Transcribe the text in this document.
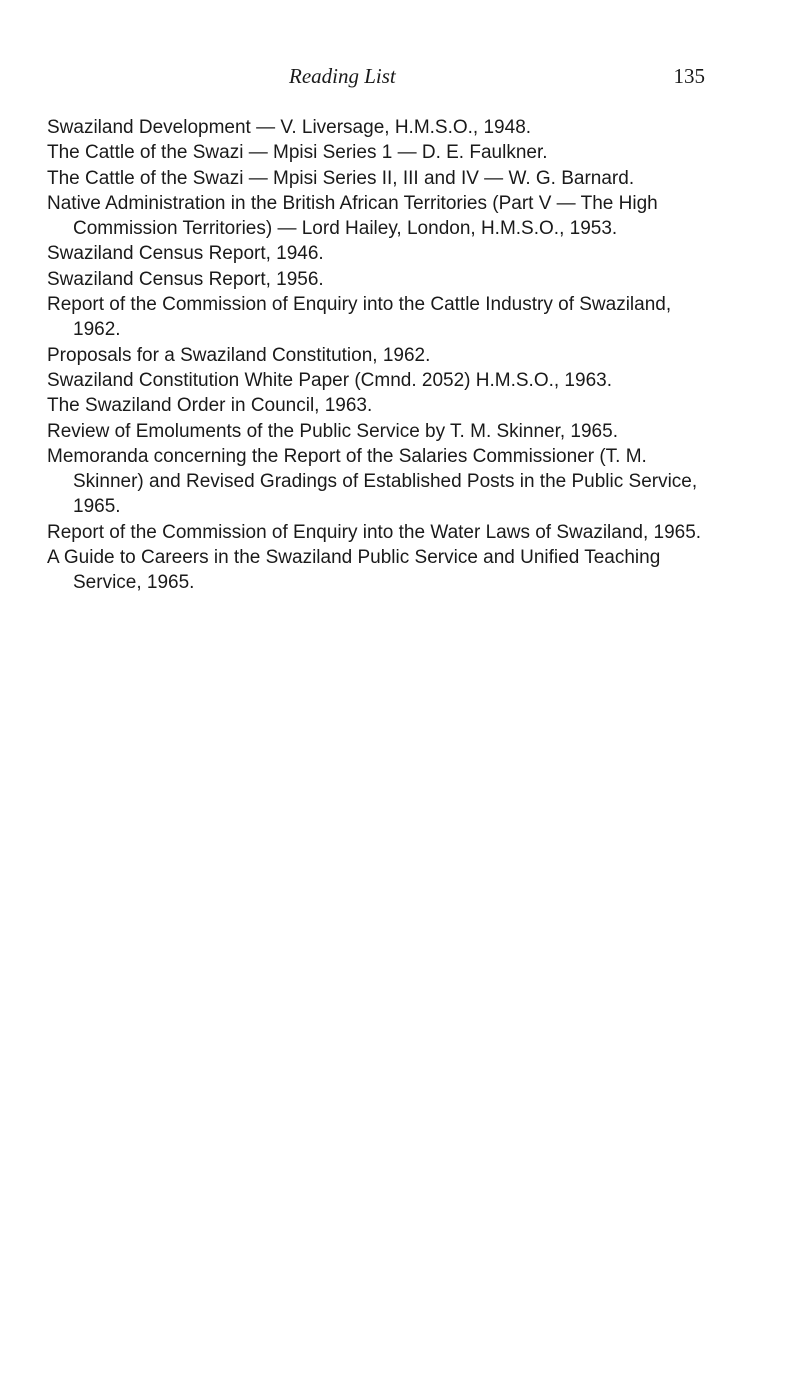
Reading List	135
Swaziland Development — V. Liversage, H.M.S.O., 1948.
The Cattle of the Swazi — Mpisi Series 1 — D. E. Faulkner.
The Cattle of the Swazi — Mpisi Series II, III and IV — W. G. Barnard.
Native Administration in the British African Territories (Part V — The High Commission Territories) — Lord Hailey, London, H.M.S.O., 1953.
Swaziland Census Report, 1946.
Swaziland Census Report, 1956.
Report of the Commission of Enquiry into the Cattle Industry of Swaziland, 1962.
Proposals for a Swaziland Constitution, 1962.
Swaziland Constitution White Paper (Cmnd. 2052) H.M.S.O., 1963.
The Swaziland Order in Council, 1963.
Review of Emoluments of the Public Service by T. M. Skinner, 1965.
Memoranda concerning the Report of the Salaries Commissioner (T. M. Skinner) and Revised Gradings of Established Posts in the Public Service, 1965.
Report of the Commission of Enquiry into the Water Laws of Swaziland, 1965.
A Guide to Careers in the Swaziland Public Service and Unified Teaching Service, 1965.
